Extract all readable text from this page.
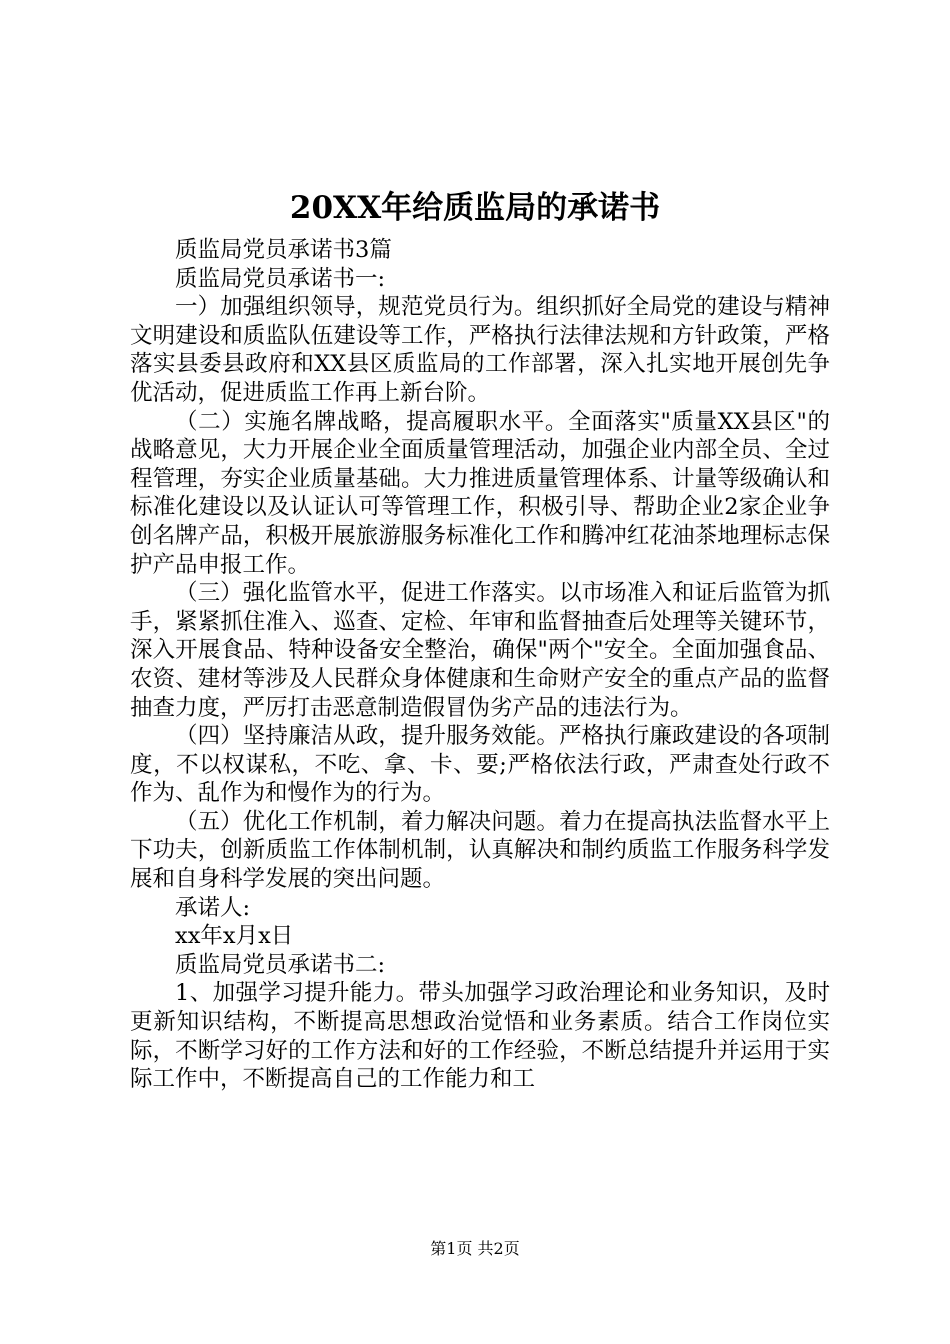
20XX年给质监局的承诺书

质监局党员承诺书3篇

质监局党员承诺书一:

一）加强组织领导，规范党员行为。组织抓好全局党的建设与精神文明建设和质监队伍建设等工作，严格执行法律法规和方针政策，严格落实县委县政府和XX县区质监局的工作部署，深入扎实地开展创先争优活动，促进质监工作再上新台阶。

（二）实施名牌战略，提高履职水平。全面落实"质量XX县区"的战略意见，大力开展企业全面质量管理活动，加强企业内部全员、全过程管理，夯实企业质量基础。大力推进质量管理体系、计量等级确认和标准化建设以及认证认可等管理工作，积极引导、帮助企业2家企业争创名牌产品，积极开展旅游服务标准化工作和腾冲红花油茶地理标志保护产品申报工作。

（三）强化监管水平，促进工作落实。以市场准入和证后监管为抓手，紧紧抓住准入、巡查、定检、年审和监督抽查后处理等关键环节，深入开展食品、特种设备安全整治，确保"两个"安全。全面加强食品、农资、建材等涉及人民群众身体健康和生命财产安全的重点产品的监督抽查力度，严厉打击恶意制造假冒伪劣产品的违法行为。

（四）坚持廉洁从政，提升服务效能。严格执行廉政建设的各项制度，不以权谋私，不吃、拿、卡、要;严格依法行政，严肃查处行政不作为、乱作为和慢作为的行为。

（五）优化工作机制，着力解决问题。着力在提高执法监督水平上下功夫，创新质监工作体制机制，认真解决和制约质监工作服务科学发展和自身科学发展的突出问题。

承诺人:

xx年x月x日

质监局党员承诺书二:

1、加强学习提升能力。带头加强学习政治理论和业务知识，及时更新知识结构，不断提高思想政治觉悟和业务素质。结合工作岗位实际，不断学习好的工作方法和好的工作经验，不断总结提升并运用于实际工作中，不断提高自己的工作能力和工

第1页 共2页
